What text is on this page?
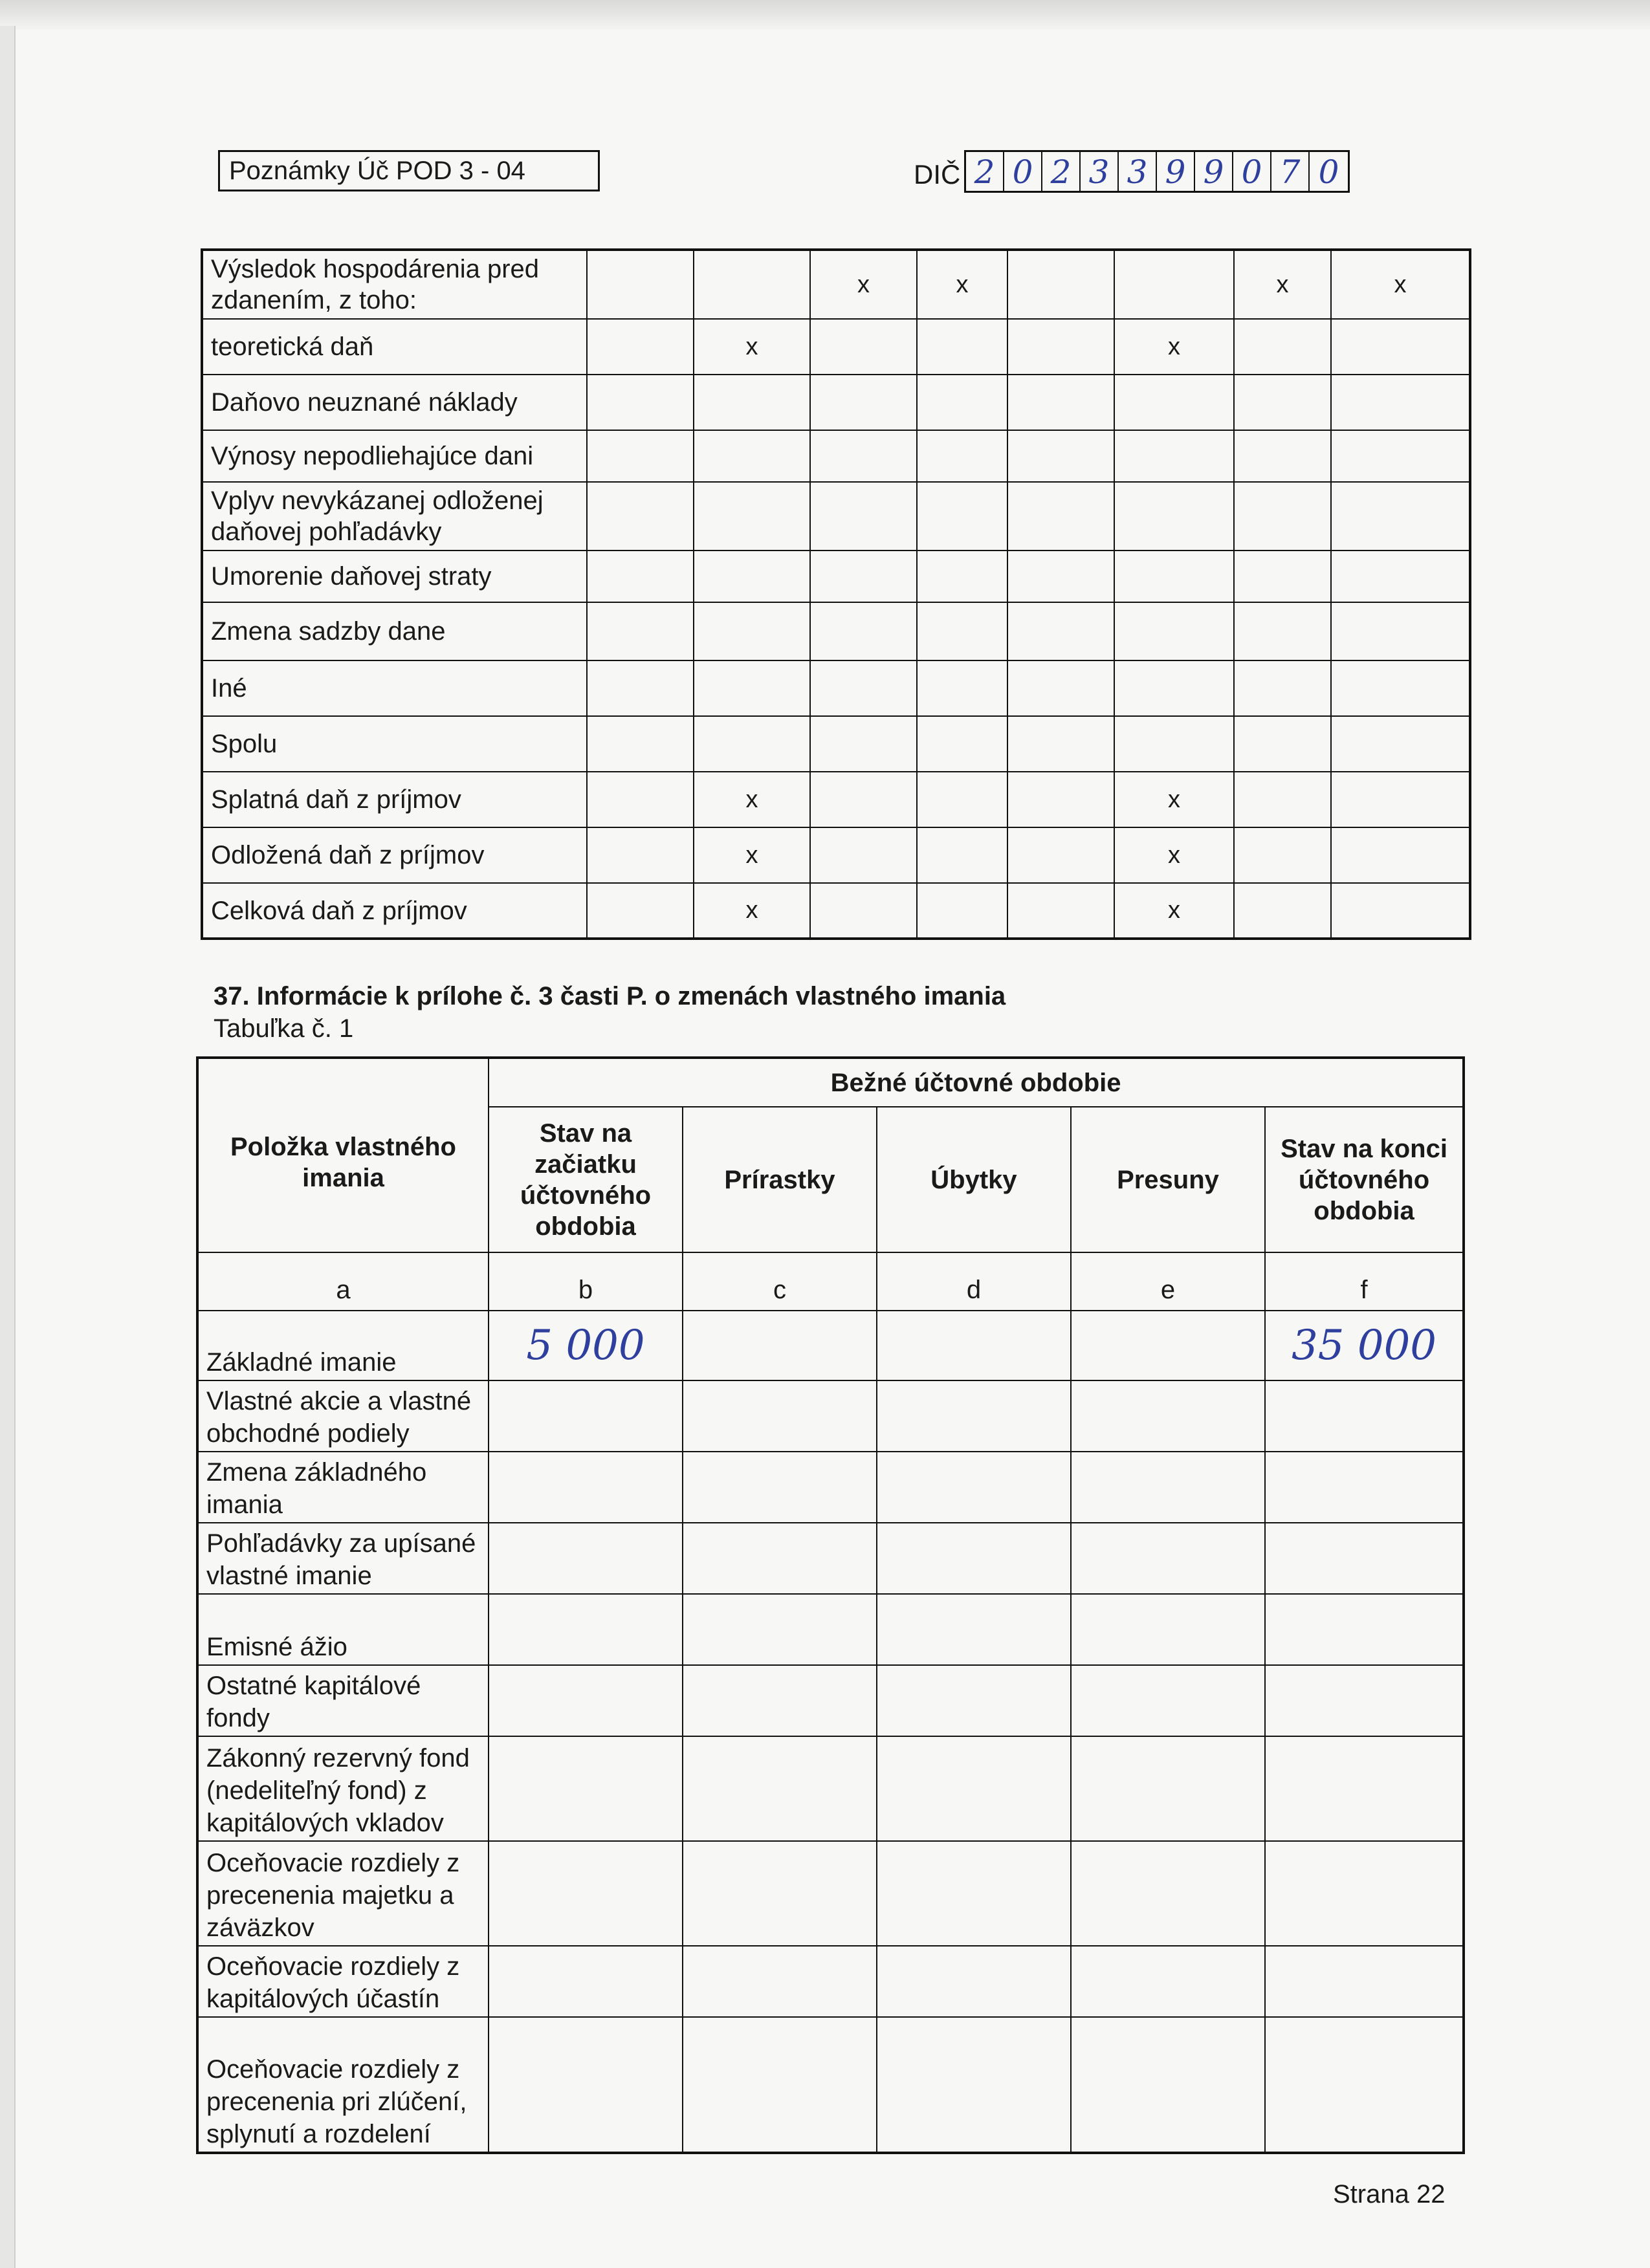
Poznámky Úč POD 3 - 04	DIČ 2 0 2 3 3 9 9 0 7 0
Výsledok hospodárenia pred zdanením, z toho:			x	x			x	x
teoretická daň		x				x		
Daňovo neuznané náklady								
Výnosy nepodliehajúce dani								
Vplyv nevykázanej odloženej daňovej pohľadávky								
Umorenie daňovej straty								
Zmena sadzby dane								
Iné								
Spolu								
Splatná daň z príjmov		x				x		
Odložená daň z príjmov		x				x		
Celková daň z príjmov		x				x		
37. Informácie k prílohe č. 3 časti P. o zmenách vlastného imania
Tabuľka č. 1
Položka vlastného imania	Bežné účtovné obdobie				
	Stav na začiatku účtovného obdobia	Prírastky	Úbytky	Presuny	Stav na konci účtovného obdobia
a	b	c	d	e	f
Základné imanie	5 000				35 000
Vlastné akcie a vlastné obchodné podiely					
Zmena základného imania					
Pohľadávky za upísané vlastné imanie					
Emisné ážio					
Ostatné kapitálové fondy					
Zákonný rezervný fond (nedeliteľný fond) z kapitálových vkladov					
Oceňovacie rozdiely z precenenia majetku a záväzkov					
Oceňovacie rozdiely z kapitálových účastín					
Oceňovacie rozdiely z precenenia pri zlúčení, splynutí a rozdelení					
Strana 22
